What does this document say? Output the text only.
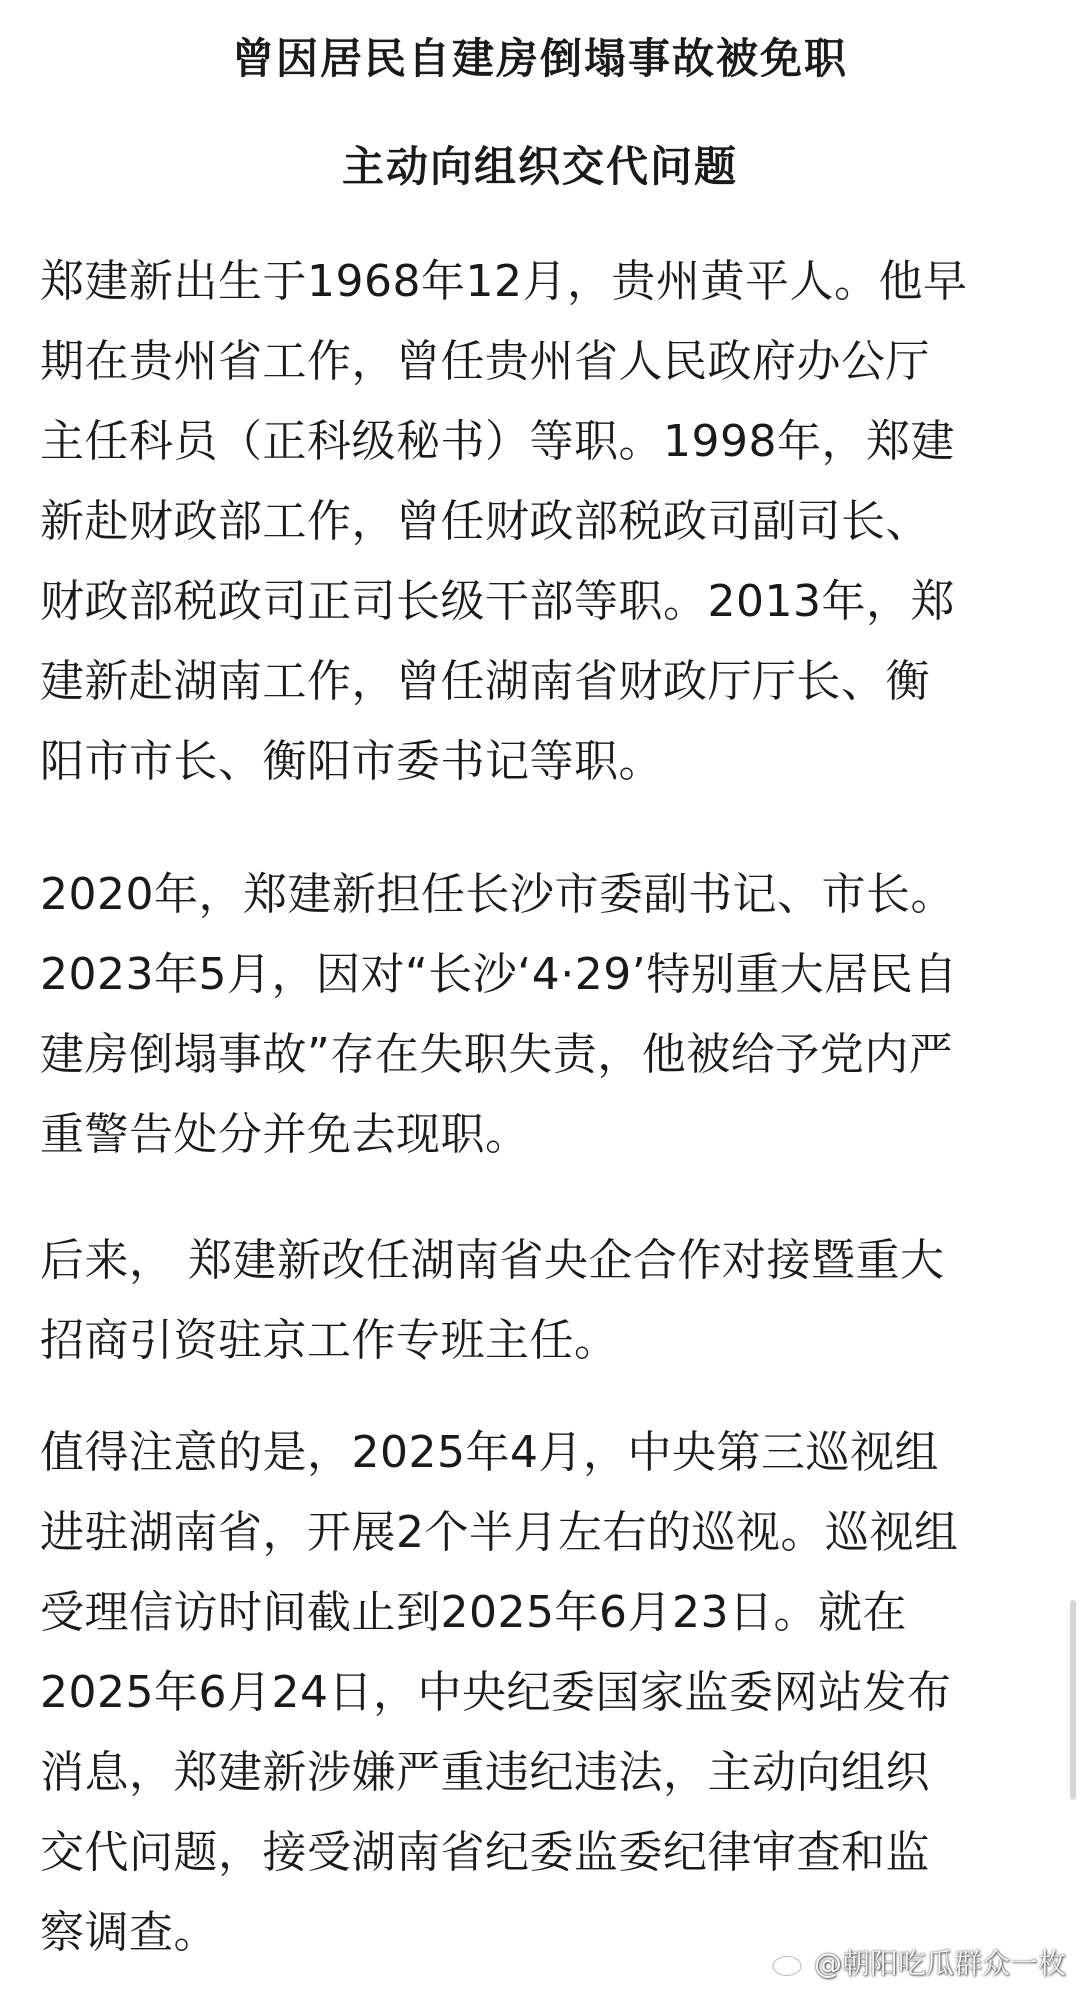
曾因居民自建房倒塌事故被免职
主动向组织交代问题
郑建新出生于1968年12月，贵州黄平人。他早
期在贵州省工作，曾任贵州省人民政府办公厅
主任科员（正科级秘书）等职。1998年，郑建
新赴财政部工作，曾任财政部税政司副司长、
财政部税政司正司长级干部等职。2013年，郑
建新赴湖南工作，曾任湖南省财政厅厅长、衡
阳市市长、衡阳市委书记等职。
2020年，郑建新担任长沙市委副书记、市长。
2023年5月，因对“长沙‘4·29’特别重大居民自
建房倒塌事故”存在失职失责，他被给予党内严
重警告处分并免去现职。
后来， 郑建新改任湖南省央企合作对接暨重大
招商引资驻京工作专班主任。
值得注意的是，2025年4月，中央第三巡视组
进驻湖南省，开展2个半月左右的巡视。巡视组
受理信访时间截止到2025年6月23日。就在
2025年6月24日，中央纪委国家监委网站发布
消息，郑建新涉嫌严重违纪违法，主动向组织
交代问题，接受湖南省纪委监委纪律审查和监
察调查。
@朝阳吃瓜群众一枚
